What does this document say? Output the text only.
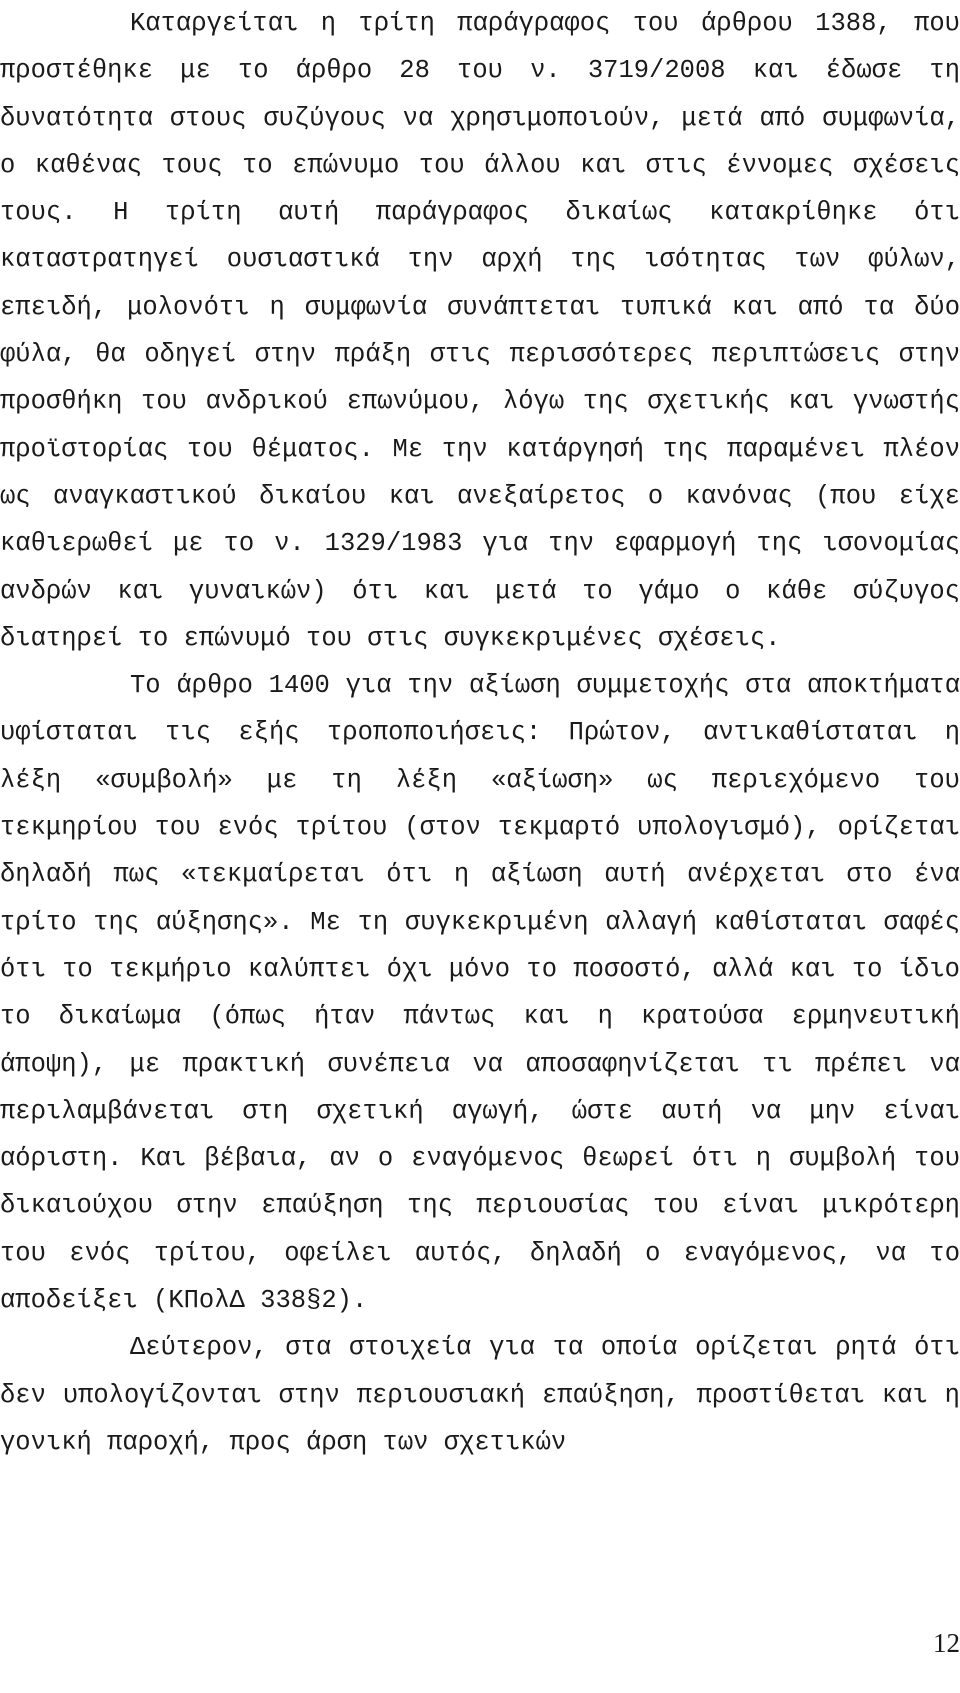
Καταργείται η τρίτη παράγραφος του άρθρου 1388, που προστέθηκε με το άρθρο 28 του ν. 3719/2008 και έδωσε τη δυνατότητα στους συζύγους να χρησιμοποιούν, μετά από συμφωνία, ο καθένας τους το επώνυμο του άλλου και στις έννομες σχέσεις τους. Η τρίτη αυτή παράγραφος δικαίως κατακρίθηκε ότι καταστρατηγεί ουσιαστικά την αρχή της ισότητας των φύλων, επειδή, μολονότι η συμφωνία συνάπτεται τυπικά και από τα δύο φύλα, θα οδηγεί στην πράξη στις περισσότερες περιπτώσεις στην προσθήκη του ανδρικού επωνύμου, λόγω της σχετικής και γνωστής προϊστορίας του θέματος. Με την κατάργησή της παραμένει πλέον ως αναγκαστικού δικαίου και ανεξαίρετος ο κανόνας (που είχε καθιερωθεί με το ν. 1329/1983 για την εφαρμογή της ισονομίας ανδρών και γυναικών) ότι και μετά το γάμο ο κάθε σύζυγος διατηρεί το επώνυμό του στις συγκεκριμένες σχέσεις.

Το άρθρο 1400 για την αξίωση συμμετοχής στα αποκτήματα υφίσταται τις εξής τροποποιήσεις: Πρώτον, αντικαθίσταται η λέξη «συμβολή» με τη λέξη «αξίωση» ως περιεχόμενο του τεκμηρίου του ενός τρίτου (στον τεκμαρτό υπολογισμό), ορίζεται δηλαδή πως «τεκμαίρεται ότι η αξίωση αυτή ανέρχεται στο ένα τρίτο της αύξησης». Με τη συγκεκριμένη αλλαγή καθίσταται σαφές ότι το τεκμήριο καλύπτει όχι μόνο το ποσοστό, αλλά και το ίδιο το δικαίωμα (όπως ήταν πάντως και η κρατούσα ερμηνευτική άποψη), με πρακτική συνέπεια να αποσαφηνίζεται τι πρέπει να περιλαμβάνεται στη σχετική αγωγή, ώστε αυτή να μην είναι αόριστη. Και βέβαια, αν ο εναγόμενος θεωρεί ότι η συμβολή του δικαιούχου στην επαύξηση της περιουσίας του είναι μικρότερη του ενός τρίτου, οφείλει αυτός, δηλαδή ο εναγόμενος, να το αποδείξει (ΚΠολΔ 338§2).

Δεύτερον, στα στοιχεία για τα οποία ορίζεται ρητά ότι δεν υπολογίζονται στην περιουσιακή επαύξηση, προστίθεται και η γονική παροχή, προς άρση των σχετικών

12
